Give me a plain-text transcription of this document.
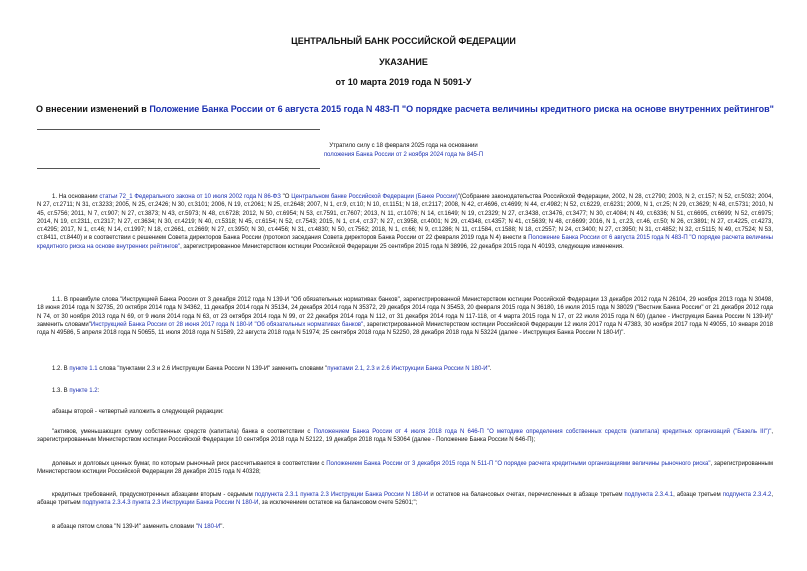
ЦЕНТРАЛЬНЫЙ БАНК РОССИЙСКОЙ ФЕДЕРАЦИИ
УКАЗАНИЕ
от 10 марта 2019 года N 5091-У
О внесении изменений в Положение Банка России от 6 августа 2015 года N 483-П "О порядке расчета величины кредитного риска на основе внутренних рейтингов"
Утратило силу с 18 февраля 2025 года на основании
положения Банка России от 2 ноября 2024 года № 845-П
1. На основании статьи 72_1 Федерального закона от 10 июля 2002 года N 86-ФЗ "О Центральном банке Российской Федерации (Банке России)"(Собрание законодательства Российской Федерации, 2002, N 28, ст.2790; 2003, N 2, ст.157; N 52, ст.5032; 2004, N 27, ст.2711; N 31, ст.3233; 2005, N 25, ст.2426; N 30, ст.3101; 2006, N 19, ст.2061; N 25, ст.2648; 2007, N 1, ст.9, ст.10; N 10, ст.1151; N 18, ст.2117; 2008, N 42, ст.4696, ст.4699; N 44, ст.4982; N 52, ст.6229, ст.6231; 2009, N 1, ст.25; N 29, ст.3629; N 48, ст.5731; 2010, N 45, ст.5756; 2011, N 7, ст.907; N 27, ст.3873; N 43, ст.5973; N 48, ст.6728; 2012, N 50, ст.6954; N 53, ст.7591, ст.7607; 2013, N 11, ст.1076; N 14, ст.1649; N 19, ст.2329; N 27, ст.3438, ст.3476, ст.3477; N 30, ст.4084; N 49, ст.6336; N 51, ст.6695, ст.6699; N 52, ст.6975; 2014, N 19, ст.2311, ст.2317; N 27, ст.3634; N 30, ст.4219; N 40, ст.5318; N 45, ст.6154; N 52, ст.7543; 2015, N 1, ст.4, ст.37; N 27, ст.3958, ст.4001; N 29, ст.4348, ст.4357; N 41, ст.5639; N 48, ст.6699; 2016, N 1, ст.23, ст.46, ст.50; N 26, ст.3891; N 27, ст.4225, ст.4273, ст.4295; 2017, N 1, ст.46; N 14, ст.1997; N 18, ст.2661, ст.2669; N 27, ст.3950; N 30, ст.4456; N 31, ст.4830; N 50, ст.7562; 2018, N 1, ст.66; N 9, ст.1286; N 11, ст.1584, ст.1588; N 18, ст.2557; N 24, ст.3400; N 27, ст.3950; N 31, ст.4852; N 32, ст.5115; N 49, ст.7524; N 53, ст.8411, ст.8440) и в соответствии с решением Совета директоров Банка России (протокол заседания Совета директоров Банка России от 22 февраля 2019 года N 4) внести в Положение Банка России от 6 августа 2015 года N 483-П "О порядке расчета величины кредитного риска на основе внутренних рейтингов", зарегистрированное Министерством юстиции Российской Федерации 25 сентября 2015 года N 38996, 22 декабря 2015 года N 40193, следующие изменения.
1.1. В преамбуле слова "Инструкцией Банка России от 3 декабря 2012 года N 139-И "Об обязательных нормативах банков", зарегистрированной Министерством юстиции Российской Федерации 13 декабря 2012 года N 26104, 29 ноября 2013 года N 30498, 18 июня 2014 года N 32735, 20 октября 2014 года N 34362, 11 декабря 2014 года N 35134, 24 декабря 2014 года N 35372, 29 декабря 2014 года N 35453, 20 февраля 2015 года N 36180, 16 июля 2015 года N 38029 ("Вестник Банка России" от 21 декабря 2012 года N 74, от 30 ноября 2013 года N 69, от 9 июля 2014 года N 63, от 23 октября 2014 года N 99, от 22 декабря 2014 года N 112, от 31 декабря 2014 года N 117-118, от 4 марта 2015 года N 17, от 22 июля 2015 года N 60) (далее - Инструкция Банка России N 139-И)" заменить словами"Инструкцией Банка России от 28 июня 2017 года N 180-И "Об обязательных нормативах банков", зарегистрированной Министерством юстиции Российской Федерации 12 июля 2017 года N 47383, 30 ноября 2017 года N 49055, 10 января 2018 года N 49586, 5 апреля 2018 года N 50655, 11 июля 2018 года N 51589, 22 августа 2018 года N 51974; 25 сентября 2018 года N 52250, 28 декабря 2018 года N 53224 (далее - Инструкция Банка России N 180-И)".
1.2. В пункте 1.1 слова "пунктами 2.3 и 2.6 Инструкции Банка России N 139-И" заменить словами "пунктами 2.1, 2.3 и 2.6 Инструкции Банка России N 180-И".
1.3. В пункте 1.2:
абзацы второй - четвертый изложить в следующей редакции:
"активов, уменьшающих сумму собственных средств (капитала) банка в соответствии с Положением Банка России от 4 июля 2018 года N 646-П "О методике определения собственных средств (капитала) кредитных организаций ("Базель III")", зарегистрированным Министерством юстиции Российской Федерации 10 сентября 2018 года N 52122, 19 декабря 2018 года N 53064 (далее - Положение Банка России N 646-П);
долевых и долговых ценных бумаг, по которым рыночный риск рассчитывается в соответствии с Положением Банка России от 3 декабря 2015 года N 511-П "О порядке расчета кредитными организациями величины рыночного риска", зарегистрированным Министерством юстиции Российской Федерации 28 декабря 2015 года N 40328;
кредитных требований, предусмотренных абзацами вторым - седьмым подпункта 2.3.1 пункта 2.3 Инструкции Банка России N 180-И и остатков на балансовых счетах, перечисленных в абзаце третьем подпункта 2.3.4.1, абзаце третьем подпункта 2.3.4.2, абзаце третьем подпункта 2.3.4.3 пункта 2.3 Инструкции Банка России N 180-И, за исключением остатков на балансовом счете 52601;";
в абзаце пятом слова "N 139-И" заменить словами "N 180-И".
